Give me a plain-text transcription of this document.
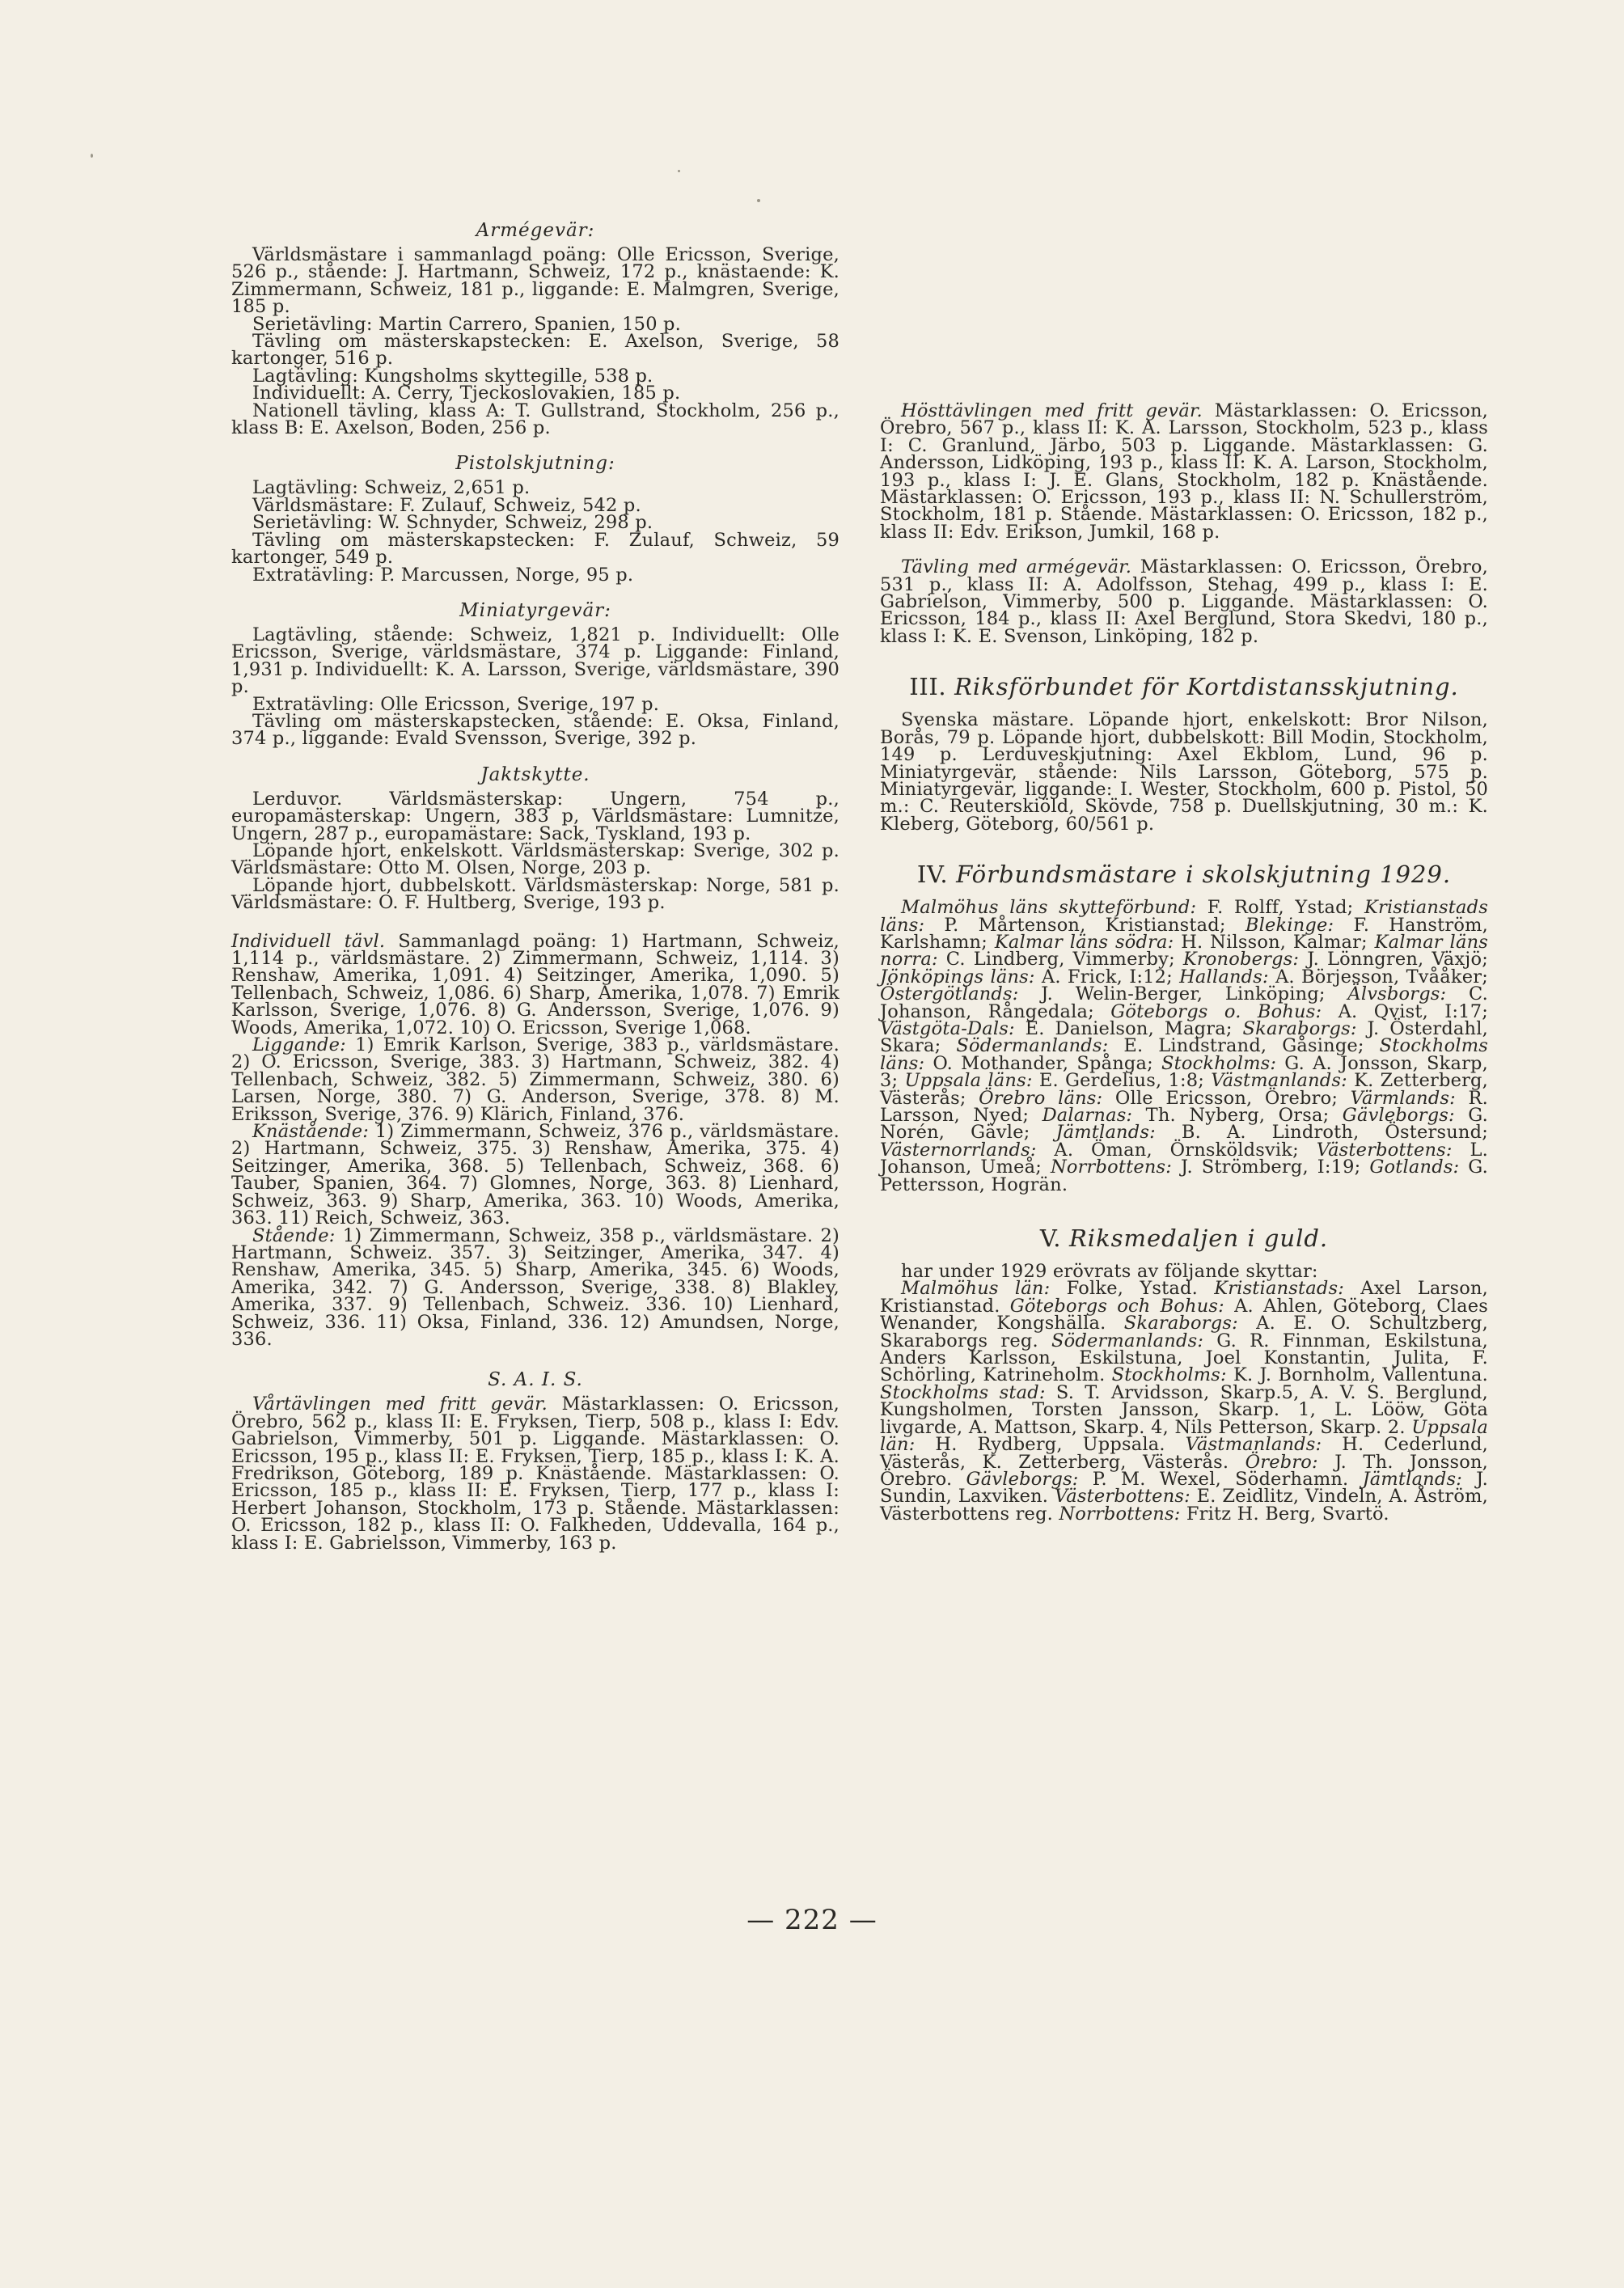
Armégevär:

Världsmästare i sammanlagd poäng: Olle Ericsson, Sverige, 526 p., stående: J. Hartmann, Schweiz, 172 p., knästaende: K. Zimmermann, Schweiz, 181 p., liggande: E. Malmgren, Sverige, 185 p.

Serietävling: Martin Carrero, Spanien, 150 p.

Tävling om mästerskapstecken: E. Axelson, Sverige, 58 kartonger, 516 p.

Lagtävling: Kungsholms skyttegille, 538 p.

Individuellt: A. Cerry, Tjeckoslovakien, 185 p.

Nationell tävling, klass A: T. Gullstrand, Stockholm, 256 p., klass B: E. Axelson, Boden, 256 p.

Pistolskjutning:

Lagtävling: Schweiz, 2,651 p.

Världsmästare: F. Zulauf, Schweiz, 542 p.

Serietävling: W. Schnyder, Schweiz, 298 p.

Tävling om mästerskapstecken: F. Zulauf, Schweiz, 59 kartonger, 549 p.

Extratävling: P. Marcussen, Norge, 95 p.

Miniatyrgevär:

Lagtävling, stående: Schweiz, 1,821 p. Individuellt: Olle Ericsson, Sverige, världsmästare, 374 p. Liggande: Finland, 1,931 p. Individuellt: K. A. Larsson, Sverige, världsmästare, 390 p.

Extratävling: Olle Ericsson, Sverige, 197 p.

Tävling om mästerskapstecken, stående: E. Oksa, Finland, 374 p., liggande: Evald Svensson, Sverige, 392 p.

Jaktskytte.

Lerduvor. Världsmästerskap: Ungern, 754 p., europamästerskap: Ungern, 383 p, Världsmästare: Lumnitze, Ungern, 287 p., europamästare: Sack, Tyskland, 193 p.

Löpande hjort, enkelskott. Världsmästerskap: Sverige, 302 p. Världsmästare: Otto M. Olsen, Norge, 203 p.

Löpande hjort, dubbelskott. Världsmästerskap: Norge, 581 p. Världsmästare: O. F. Hultberg, Sverige, 193 p.

Individuell tävl. Sammanlagd poäng: 1) Hartmann, Schweiz, 1,114 p., världsmästare. 2) Zimmermann, Schweiz, 1,114. 3) Renshaw, Amerika, 1,091. 4) Seitzinger, Amerika, 1,090. 5) Tellenbach, Schweiz, 1,086. 6) Sharp, Amerika, 1,078. 7) Emrik Karlsson, Sverige, 1,076. 8) G. Andersson, Sverige, 1,076. 9) Woods, Amerika, 1,072. 10) O. Ericsson, Sverige 1,068.

Liggande: 1) Emrik Karlson, Sverige, 383 p., världsmästare. 2) O. Ericsson, Sverige, 383. 3) Hartmann, Schweiz, 382. 4) Tellenbach, Schweiz, 382. 5) Zimmermann, Schweiz, 380. 6) Larsen, Norge, 380. 7) G. Anderson, Sverige, 378. 8) M. Eriksson, Sverige, 376. 9) Klärich, Finland, 376.

Knästående: 1) Zimmermann, Schweiz, 376 p., världsmästare. 2) Hartmann, Schweiz, 375. 3) Renshaw, Amerika, 375. 4) Seitzinger, Amerika, 368. 5) Tellenbach, Schweiz, 368. 6) Tauber, Spanien, 364. 7) Glomnes, Norge, 363. 8) Lienhard, Schweiz, 363. 9) Sharp, Amerika, 363. 10) Woods, Amerika, 363. 11) Reich, Schweiz, 363.

Stående: 1) Zimmermann, Schweiz, 358 p., världsmästare. 2) Hartmann, Schweiz. 357. 3) Seitzinger, Amerika, 347. 4) Renshaw, Amerika, 345. 5) Sharp, Amerika, 345. 6) Woods, Amerika, 342. 7) G. Andersson, Sverige, 338. 8) Blakley, Amerika, 337. 9) Tellenbach, Schweiz. 336. 10) Lienhard, Schweiz, 336. 11) Oksa, Finland, 336. 12) Amundsen, Norge, 336.

S. A. I. S.

Vårtävlingen med fritt gevär. Mästarklassen: O. Ericsson, Örebro, 562 p., klass II: E. Fryksen, Tierp, 508 p., klass I: Edv. Gabrielson, Vimmerby, 501 p. Liggande. Mästarklassen: O. Ericsson, 195 p., klass II: E. Fryksen, Tierp, 185 p., klass I: K. A. Fredrikson, Göteborg, 189 p. Knästående. Mästarklassen: O. Ericsson, 185 p., klass II: E. Fryksen, Tierp, 177 p., klass I: Herbert Johanson, Stockholm, 173 p. Stående. Mästarklassen: O. Ericsson, 182 p., klass II: O. Falkheden, Uddevalla, 164 p., klass I: E. Gabrielsson, Vimmerby, 163 p.

Hösttävlingen med fritt gevär. Mästarklassen: O. Ericsson, Örebro, 567 p., klass II: K. A. Larsson, Stockholm, 523 p., klass I: C. Granlund, Järbo, 503 p. Liggande. Mästarklassen: G. Andersson, Lidköping, 193 p., klass II: K. A. Larson, Stockholm, 193 p., klass I: J. E. Glans, Stockholm, 182 p. Knästående. Mästarklassen: O. Ericsson, 193 p., klass II: N. Schullerström, Stockholm, 181 p. Stående. Mästarklassen: O. Ericsson, 182 p., klass II: Edv. Erikson, Jumkil, 168 p.

Tävling med armégevär. Mästarklassen: O. Ericsson, Örebro, 531 p., klass II: A. Adolfsson, Stehag, 499 p., klass I: E. Gabrielson, Vimmerby, 500 p. Liggande. Mästarklassen: O. Ericsson, 184 p., klass II: Axel Berglund, Stora Skedvi, 180 p., klass I: K. E. Svenson, Linköping, 182 p.

III. Riksförbundet för Kortdistansskjutning.

Svenska mästare. Löpande hjort, enkelskott: Bror Nilson, Borås, 79 p. Löpande hjort, dubbelskott: Bill Modin, Stockholm, 149 p. Lerduveskjutning: Axel Ekblom, Lund, 96 p. Miniatyrgevär, stående: Nils Larsson, Göteborg, 575 p. Miniatyrgevär, liggande: I. Wester, Stockholm, 600 p. Pistol, 50 m.: C. Reuterskiöld, Skövde, 758 p. Duellskjutning, 30 m.: K. Kleberg, Göteborg, 60/561 p.

IV. Förbundsmästare i skolskjutning 1929.

Malmöhus läns skytteförbund: F. Rolff, Ystad; Kristianstads läns: P. Mårtenson, Kristianstad; Blekinge: F. Hanström, Karlshamn; Kalmar läns södra: H. Nilsson, Kalmar; Kalmar läns norra: C. Lindberg, Vimmerby; Kronobergs: J. Lönngren, Växjö; Jönköpings läns: A. Frick, I:12; Hallands: A. Börjesson, Tvååker; Östergötlands: J. Welin-Berger, Linköping; Älvsborgs: C. Johanson, Rångedala; Göteborgs o. Bohus: A. Qvist, I:17; Västgöta-Dals: E. Danielson, Magra; Skaraborgs: J. Österdahl, Skara; Södermanlands: E. Lindstrand, Gåsinge; Stockholms läns: O. Mothander, Spånga; Stockholms: G. A. Jonsson, Skarp, 3; Uppsala läns: E. Gerdelius, 1:8; Västmanlands: K. Zetterberg, Västerås; Örebro läns: Olle Ericsson, Örebro; Värmlands: R. Larsson, Nyed; Dalarnas: Th. Nyberg, Orsa; Gävleborgs: G. Norén, Gävle; Jämtlands: B. A. Lindroth, Östersund; Västernorrlands: A. Öman, Örnsköldsvik; Västerbottens: L. Johanson, Umeå; Norrbottens: J. Strömberg, I:19; Gotlands: G. Pettersson, Hogrän.

V. Riksmedaljen i guld.

har under 1929 erövrats av följande skyttar:

Malmöhus län: Folke, Ystad. Kristianstads: Axel Larson, Kristianstad. Göteborgs och Bohus: A. Ahlen, Göteborg, Claes Wenander, Kongshälla. Skaraborgs: A. E. O. Schultzberg, Skaraborgs reg. Södermanlands: G. R. Finnman, Eskilstuna, Anders Karlsson, Eskilstuna, Joel Konstantin, Julita, F. Schörling, Katrineholm. Stockholms: K. J. Bornholm, Vallentuna. Stockholms stad: S. T. Arvidsson, Skarp.5, A. V. S. Berglund, Kungsholmen, Torsten Jansson, Skarp. 1, L. Lööw, Göta livgarde, A. Mattson, Skarp. 4, Nils Petterson, Skarp. 2. Uppsala län: H. Rydberg, Uppsala. Västmanlands: H. Cederlund, Västerås, K. Zetterberg, Västerås. Örebro: J. Th. Jonsson, Örebro. Gävleborgs: P. M. Wexel, Söderhamn. Jämtlands: J. Sundin, Laxviken. Västerbottens: E. Zeidlitz, Vindeln, A. Åström, Västerbottens reg. Norrbottens: Fritz H. Berg, Svartö.

— 222 —
